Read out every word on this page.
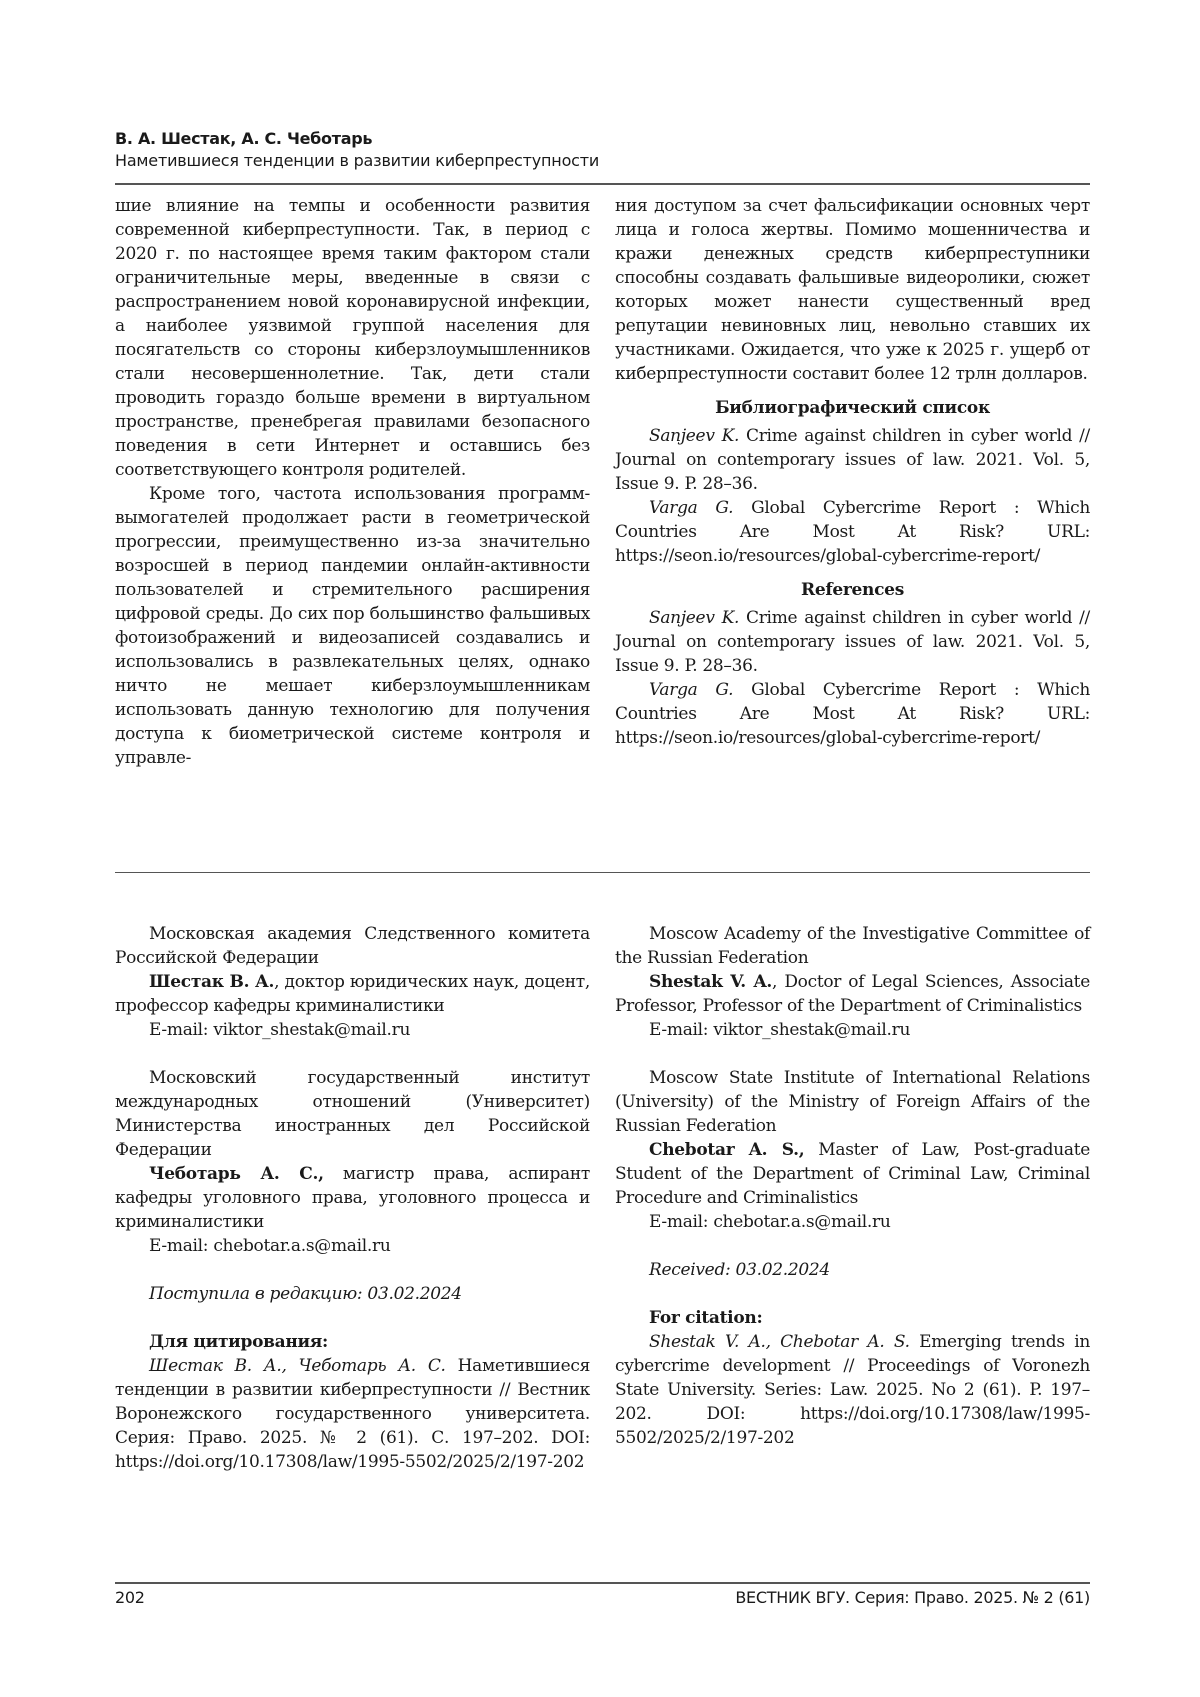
В. А. Шестак, А. С. Чеботарь
Наметившиеся тенденции в развитии киберпреступности

шие влияние на темпы и особенности развития современной киберпреступности. Так, в период с 2020 г. по настоящее время таким фактором стали ограничительные меры, введенные в связи с распространением новой коронавирусной инфекции, а наиболее уязвимой группой населения для посягательств со стороны киберзлоумышленников стали несовершеннолетние. Так, дети стали проводить гораздо больше времени в виртуальном пространстве, пренебрегая правилами безопасного поведения в сети Интернет и оставшись без соответствующего контроля родителей.

Кроме того, частота использования программ-вымогателей продолжает расти в геометрической прогрессии, преимущественно из-за значительно возросшей в период пандемии онлайн-активности пользователей и стремительного расширения цифровой среды. До сих пор большинство фальшивых фотоизображений и видеозаписей создавались и использовались в развлекательных целях, однако ничто не мешает киберзлоумышленникам использовать данную технологию для получения доступа к биометрической системе контроля и управле-

ния доступом за счет фальсификации основных черт лица и голоса жертвы. Помимо мошенничества и кражи денежных средств киберпреступники способны создавать фальшивые видеоролики, сюжет которых может нанести существенный вред репутации невиновных лиц, невольно ставших их участниками. Ожидается, что уже к 2025 г. ущерб от киберпреступности составит более 12 трлн долларов.

Библиографический список

Sanjeev K. Crime against children in cyber world // Journal on contemporary issues of law. 2021. Vol. 5, Issue 9. P. 28–36.

Varga G. Global Cybercrime Report : Which Countries Are Most At Risk? URL: https://seon.io/resources/global-cybercrime-report/

References

Sanjeev K. Crime against children in cyber world // Journal on contemporary issues of law. 2021. Vol. 5, Issue 9. P. 28–36.

Varga G. Global Cybercrime Report : Which Countries Are Most At Risk? URL: https://seon.io/resources/global-cybercrime-report/

Московская академия Следственного комитета Российской Федерации

Шестак В. А., доктор юридических наук, доцент, профессор кафедры криминалистики

E-mail: viktor_shestak@mail.ru

Московский государственный институт международных отношений (Университет) Министерства иностранных дел Российской Федерации

Чеботарь А. С., магистр права, аспирант кафедры уголовного права, уголовного процесса и криминалистики

E-mail: chebotar.a.s@mail.ru

Поступила в редакцию: 03.02.2024

Для цитирования:

Шестак В. А., Чеботарь А. С. Наметившиеся тенденции в развитии киберпреступности // Вестник Воронежского государственного университета. Серия: Право. 2025. № 2 (61). С. 197–202. DOI: https://doi.org/10.17308/law/1995-5502/2025/2/197-202

Moscow Academy of the Investigative Committee of the Russian Federation

Shestak V. A., Doctor of Legal Sciences, Associate Professor, Professor of the Department of Criminalistics

E-mail: viktor_shestak@mail.ru

Moscow State Institute of International Relations (University) of the Ministry of Foreign Affairs of the Russian Federation

Chebotar A. S., Master of Law, Post-graduate Student of the Department of Criminal Law, Criminal Procedure and Criminalistics

E-mail: chebotar.a.s@mail.ru

Received: 03.02.2024

For citation:

Shestak V. A., Chebotar A. S. Emerging trends in cybercrime development // Proceedings of Voronezh State University. Series: Law. 2025. No 2 (61). P. 197–202. DOI: https://doi.org/10.17308/law/1995-5502/2025/2/197-202

202	ВЕСТНИК ВГУ. Серия: Право. 2025. № 2 (61)
